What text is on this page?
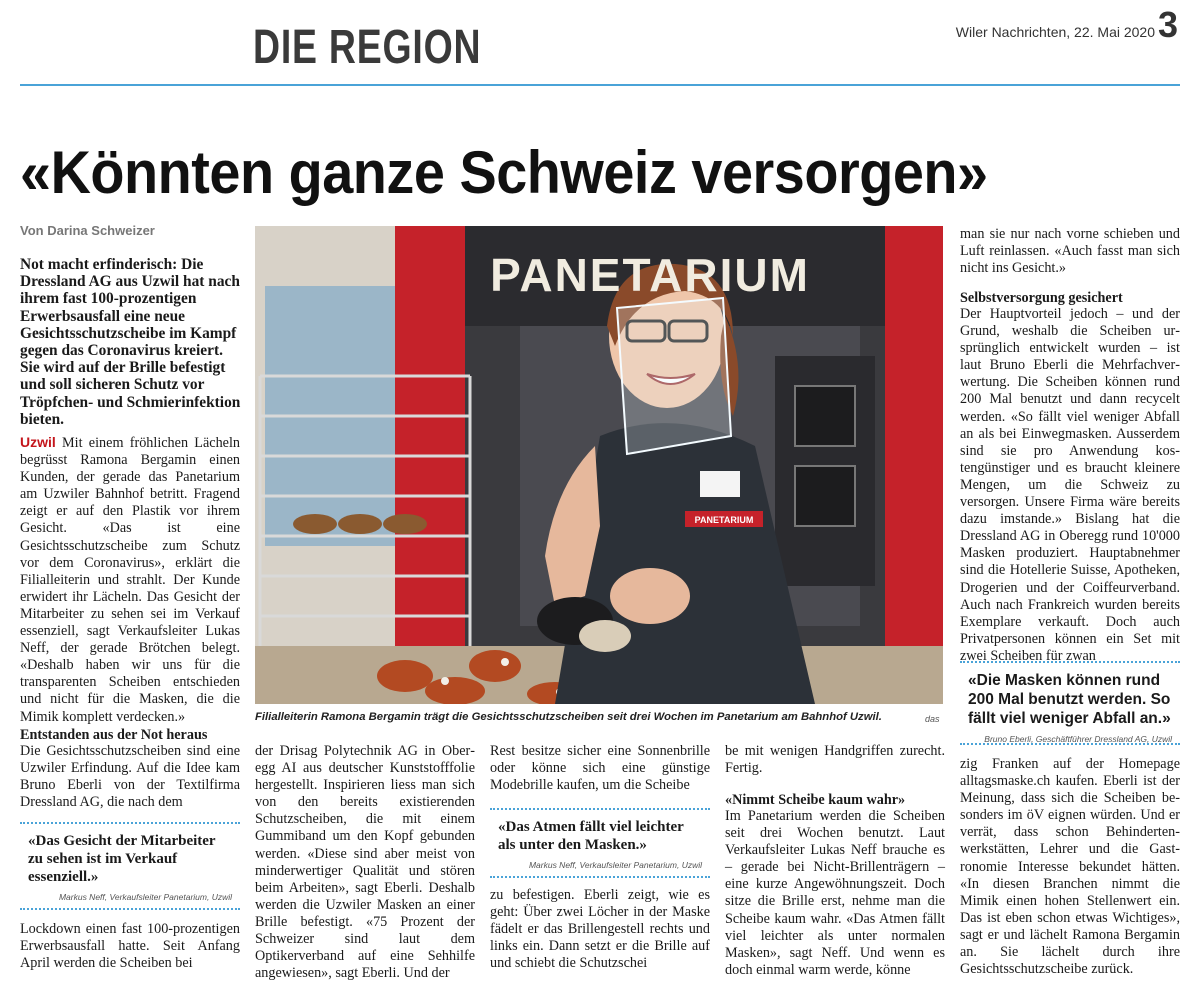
DIE REGION	Wiler Nachrichten, 22. Mai 2020 3
«Könnten ganze Schweiz versorgen»
Von Darina Schweizer
Not macht erfinderisch: Die Dressland AG aus Uzwil hat nach ihrem fast 100-prozentigen Erwerbsausfall eine neue Gesichtsschutzscheibe im Kampf gegen das Coronavirus kreiert. Sie wird auf der Brille befestigt und soll sicheren Schutz vor Tröpfchen- und Schmierinfektion bieten.
Uzwil Mit einem fröhlichen Lächeln begrüsst Ramona Bergamin einen Kunden, der gerade das Panetarium am Uzwiler Bahnhof betritt. Fragend zeigt er auf den Plastik vor ihrem Gesicht. «Das ist eine Gesichtsschutzscheibe zum Schutz vor dem Coronavirus», erklärt die Filialleiterin und strahlt. Der Kunde erwidert ihr Lächeln. Das Gesicht der Mitarbeiter zu sehen sei im Verkauf essenziell, sagt Verkaufsleiter Lukas Neff, der gerade Brötchen belegt. «Deshalb haben wir uns für die transparenten Scheiben entschieden und nicht für die Masken, die die Mimik komplett verdecken.»
Entstanden aus der Not heraus
Die Gesichtsschutzscheiben sind eine Uzwiler Erfindung. Auf die Idee kam Bruno Eberli von der Textilfirma Dressland AG, die nach dem
«Das Gesicht der Mitarbeiter zu sehen ist im Verkauf essenziell.»
Markus Neff, Verkaufsleiter Panetarium, Uzwil
Lockdown einen fast 100-prozentigen Erwerbsausfall hatte. Seit Anfang April werden die Scheiben bei
PANETARIUM
PANETARIUM
Filialleiterin Ramona Bergamin trägt die Gesichtsschutzscheiben seit drei Wochen im Panetarium am Bahnhof Uzwil.	das
der Drisag Polytechnik AG in Oberegg AI aus deutscher Kunststofffolie hergestellt. Inspirieren liess man sich von den bereits existierenden Schutzscheiben, die mit einem Gummiband um den Kopf gebunden werden. «Diese sind aber meist von minderwertiger Qualität und stören beim Arbeiten», sagt Eberli. Deshalb werden die Uzwiler Masken an einer Brille befestigt. «75 Prozent der Schweizer sind laut dem Optikerverband auf eine Sehhilfe angewiesen», sagt Eberli. Und der
Rest besitze sicher eine Sonnenbrille oder könne sich eine günstige Modebrille kaufen, um die Scheibe
«Das Atmen fällt viel leichter als unter den Masken.»
Markus Neff, Verkaufsleiter Panetarium, Uzwil
zu befestigen. Eberli zeigt, wie es geht: Über zwei Löcher in der Maske fädelt er das Brillengestell rechts und links ein. Dann setzt er die Brille auf und schiebt die Schutzschei
be mit wenigen Handgriffen zurecht. Fertig.
«Nimmt Scheibe kaum wahr»
Im Panetarium werden die Scheiben seit drei Wochen benutzt. Laut Verkaufsleiter Lukas Neff brauche es – gerade bei Nicht-Brillenträgern – eine kurze Angewöhnungszeit. Doch sitze die Brille erst, nehme man die Scheibe kaum wahr. «Das Atmen fällt viel leichter als unter normalen Masken», sagt Neff. Und wenn es doch einmal warm werde, könne
man sie nur nach vorne schieben und Luft reinlassen. «Auch fasst man sich nicht ins Gesicht.»
Selbstversorgung gesichert
Der Hauptvorteil jedoch – und der Grund, weshalb die Scheiben ursprünglich entwickelt wurden – ist laut Bruno Eberli die Mehrfachverwertung. Die Scheiben können rund 200 Mal benutzt und dann recycelt werden. «So fällt viel weniger Abfall an als bei Einwegmasken. Ausserdem sind sie pro Anwendung kostengünstiger und es braucht kleinere Mengen, um die Schweiz zu versorgen. Unsere Firma wäre bereits dazu imstande.» Bislang hat die Dressland AG in Oberegg rund 10'000 Masken produziert. Hauptabnehmer sind die Hotellerie Suisse, Apotheken, Drogerien und der Coiffeurverband. Auch nach Frankreich wurden bereits Exemplare verkauft. Doch auch Privatpersonen können ein Set mit zwei Scheiben für zwan
«Die Masken können rund 200 Mal benutzt werden. So fällt viel weniger Abfall an.»
Bruno Eberli, Geschäftführer Dressland AG, Uzwil
zig Franken auf der Homepage alltagsmaske.ch kaufen. Eberli ist der Meinung, dass sich die Scheiben besonders im öV eignen würden. Und er verrät, dass schon Behindertenwerkstätten, Lehrer und die Gastronomie Interesse bekundet hätten. «In diesen Branchen nimmt die Mimik einen hohen Stellenwert ein. Das ist eben schon etwas Wichtiges», sagt er und lächelt Ramona Bergamin an. Sie lächelt durch ihre Gesichtsschutzscheibe zurück.
